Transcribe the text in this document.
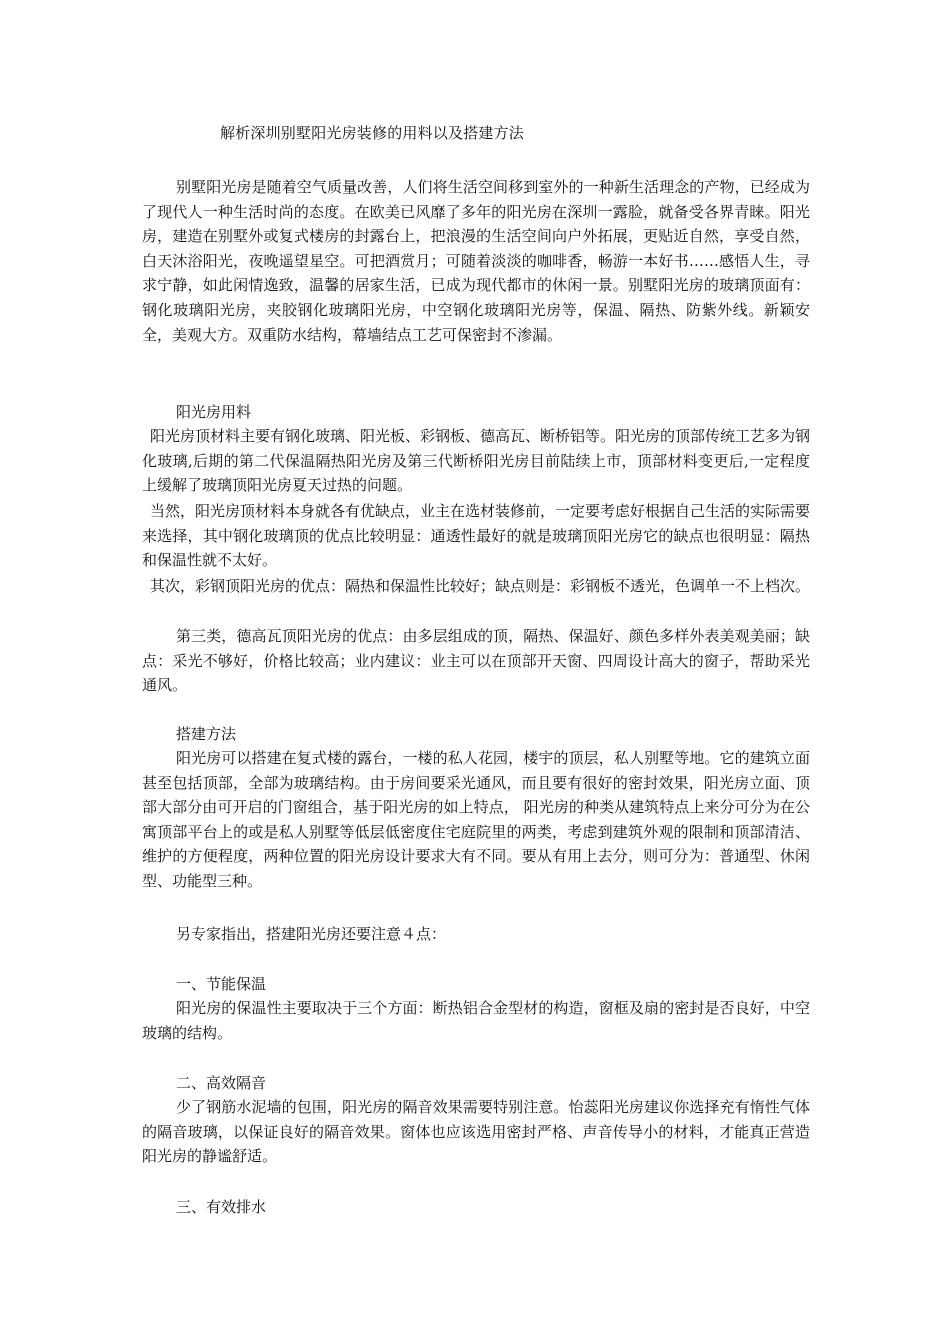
解析深圳别墅阳光房装修的用料以及搭建方法

别墅阳光房是随着空气质量改善，人们将生活空间移到室外的一种新生活理念的产物，已经成为了现代人一种生活时尚的态度。在欧美已风靡了多年的阳光房在深圳一露脸，就备受各界青睐。阳光房，建造在别墅外或复式楼房的封露台上，把浪漫的生活空间向户外拓展，更贴近自然，享受自然，白天沐浴阳光，夜晚遥望星空。可把酒赏月；可随着淡淡的咖啡香，畅游一本好书……感悟人生，寻求宁静，如此闲情逸致，温馨的居家生活，已成为现代都市的休闲一景。别墅阳光房的玻璃顶面有：钢化玻璃阳光房，夹胶钢化玻璃阳光房，中空钢化玻璃阳光房等，保温、隔热、防紫外线。新颖安全，美观大方。双重防水结构，幕墙结点工艺可保密封不渗漏。

阳光房用料

阳光房顶材料主要有钢化玻璃、阳光板、彩钢板、德高瓦、断桥铝等。阳光房的顶部传统工艺多为钢化玻璃,后期的第二代保温隔热阳光房及第三代断桥阳光房目前陆续上市，顶部材料变更后,一定程度上缓解了玻璃顶阳光房夏天过热的问题。

当然，阳光房顶材料本身就各有优缺点，业主在选材装修前，一定要考虑好根据自己生活的实际需要来选择，其中钢化玻璃顶的优点比较明显：通透性最好的就是玻璃顶阳光房它的缺点也很明显：隔热和保温性就不太好。

其次，彩钢顶阳光房的优点：隔热和保温性比较好；缺点则是：彩钢板不透光，色调单一不上档次。

第三类，德高瓦顶阳光房的优点：由多层组成的顶，隔热、保温好、颜色多样外表美观美丽；缺点：采光不够好，价格比较高；业内建议：业主可以在顶部开天窗、四周设计高大的窗子，帮助采光通风。

搭建方法

阳光房可以搭建在复式楼的露台，一楼的私人花园，楼宇的顶层，私人别墅等地。它的建筑立面甚至包括顶部，全部为玻璃结构。由于房间要采光通风，而且要有很好的密封效果，阳光房立面、顶部大部分由可开启的门窗组合，基于阳光房的如上特点， 阳光房的种类从建筑特点上来分可分为在公寓顶部平台上的或是私人别墅等低层低密度住宅庭院里的两类，考虑到建筑外观的限制和顶部清洁、维护的方便程度，两种位置的阳光房设计要求大有不同。要从有用上去分，则可分为：普通型、休闲型、功能型三种。

另专家指出，搭建阳光房还要注意４点：
一、节能保温

阳光房的保温性主要取决于三个方面：断热铝合金型材的构造，窗框及扇的密封是否良好，中空玻璃的结构。

二、高效隔音

少了钢筋水泥墙的包围，阳光房的隔音效果需要特别注意。怡蕊阳光房建议你选择充有惰性气体的隔音玻璃，以保证良好的隔音效果。窗体也应该选用密封严格、声音传导小的材料，才能真正营造阳光房的静谧舒适。

三、有效排水
